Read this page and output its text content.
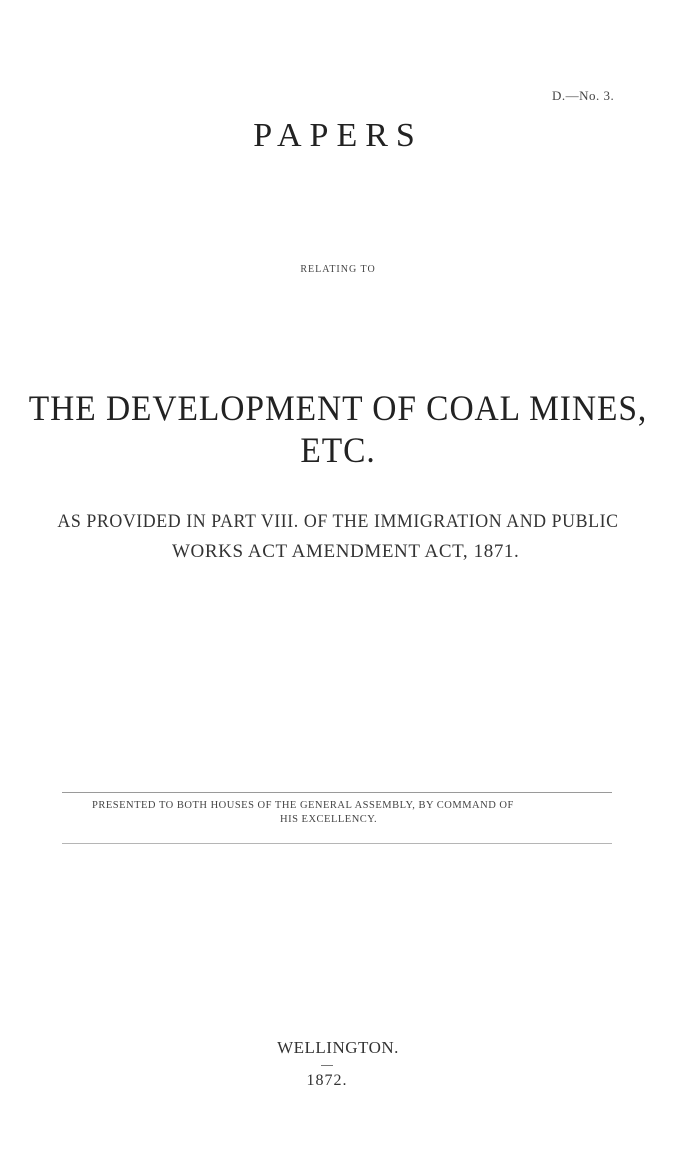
D.—No. 3.
PAPERS
RELATING TO
THE DEVELOPMENT OF COAL MINES, ETC.
AS PROVIDED IN PART VIII. OF THE IMMIGRATION AND PUBLIC
WORKS ACT AMENDMENT ACT, 1871.
PRESENTED TO BOTH HOUSES OF THE GENERAL ASSEMBLY, BY COMMAND OF
HIS EXCELLENCY.
WELLINGTON.
1872.
